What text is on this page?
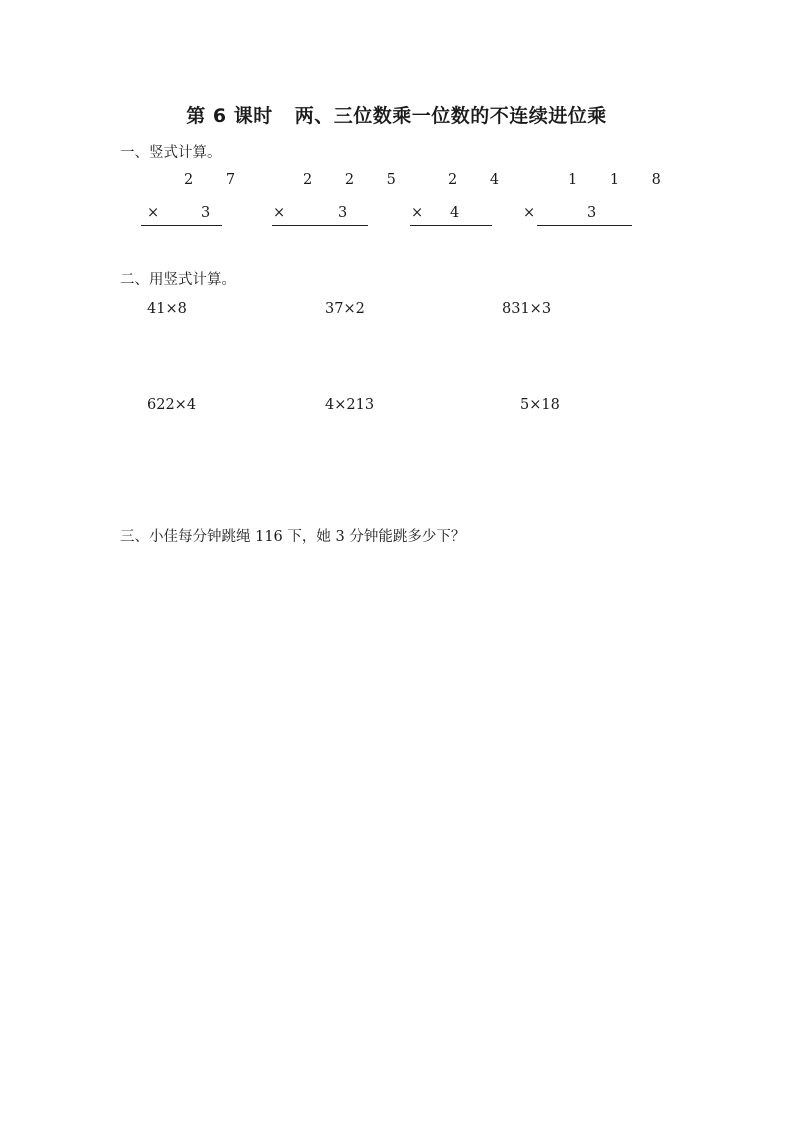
第 6 课时 两、三位数乘一位数的不连续进位乘
一、竖式计算。
2 7
×	3
2 2 5
×	3
2 4
× 4
1 1 8
×	3
二、用竖式计算。
41×8	37×2	831×3
622×4	4×213	5×18
三、小佳每分钟跳绳 116 下，她 3 分钟能跳多少下？
